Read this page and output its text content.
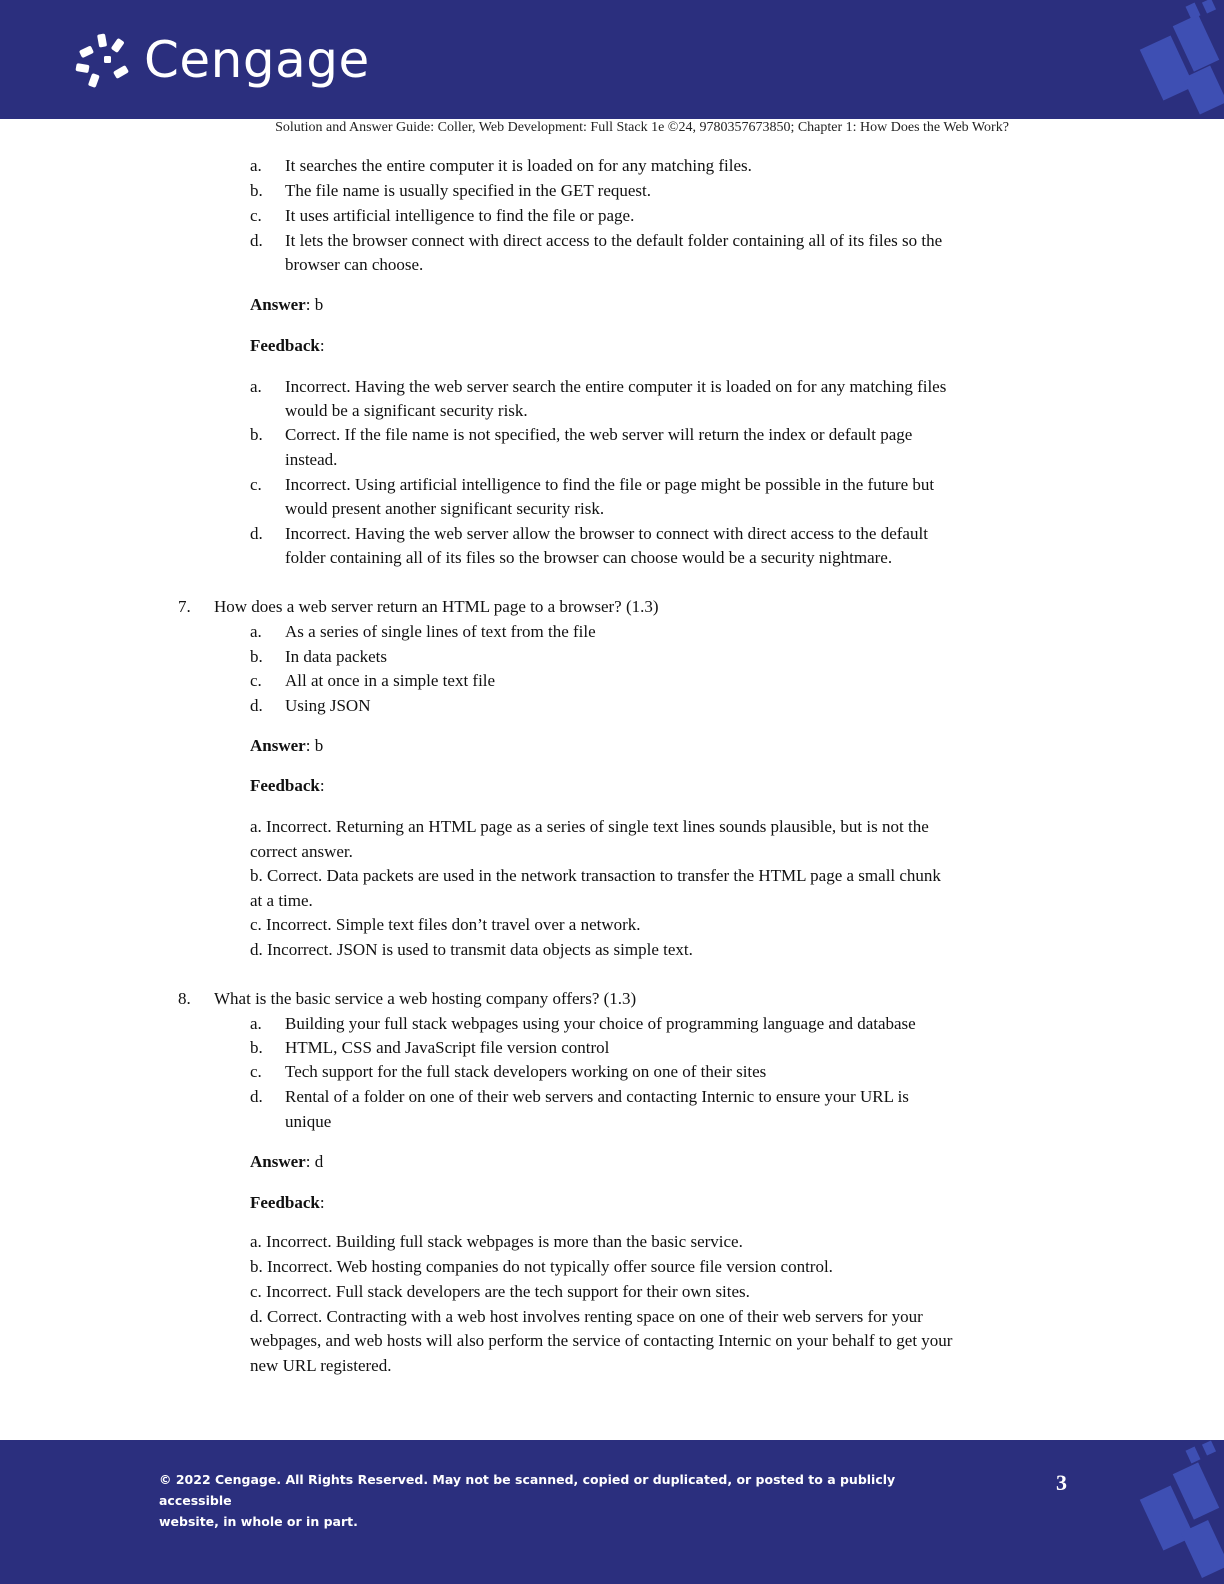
Cengage
Solution and Answer Guide: Coller, Web Development: Full Stack 1e ©24, 9780357673850; Chapter 1: How Does the Web Work?
a. It searches the entire computer it is loaded on for any matching files.
b. The file name is usually specified in the GET request.
c. It uses artificial intelligence to find the file or page.
d. It lets the browser connect with direct access to the default folder containing all of its files so the
browser can choose.
Answer: b
Feedback:
a. Incorrect. Having the web server search the entire computer it is loaded on for any matching files
would be a significant security risk.
b. Correct. If the file name is not specified, the web server will return the index or default page
instead.
c. Incorrect. Using artificial intelligence to find the file or page might be possible in the future but
would present another significant security risk.
d. Incorrect. Having the web server allow the browser to connect with direct access to the default
folder containing all of its files so the browser can choose would be a security nightmare.
7. How does a web server return an HTML page to a browser? (1.3)
a. As a series of single lines of text from the file
b. In data packets
c. All at once in a simple text file
d. Using JSON
Answer: b
Feedback:
a. Incorrect. Returning an HTML page as a series of single text lines sounds plausible, but is not the
correct answer.
b. Correct. Data packets are used in the network transaction to transfer the HTML page a small chunk
at a time.
c. Incorrect. Simple text files don’t travel over a network.
d. Incorrect. JSON is used to transmit data objects as simple text.
8. What is the basic service a web hosting company offers? (1.3)
a. Building your full stack webpages using your choice of programming language and database
b. HTML, CSS and JavaScript file version control
c. Tech support for the full stack developers working on one of their sites
d. Rental of a folder on one of their web servers and contacting Internic to ensure your URL is
unique
Answer: d
Feedback:
a. Incorrect. Building full stack webpages is more than the basic service.
b. Incorrect. Web hosting companies do not typically offer source file version control.
c. Incorrect. Full stack developers are the tech support for their own sites.
d. Correct. Contracting with a web host involves renting space on one of their web servers for your
webpages, and web hosts will also perform the service of contacting Internic on your behalf to get your
new URL registered.
© 2022 Cengage. All Rights Reserved. May not be scanned, copied or duplicated, or posted to a publicly accessible
website, in whole or in part.
3
